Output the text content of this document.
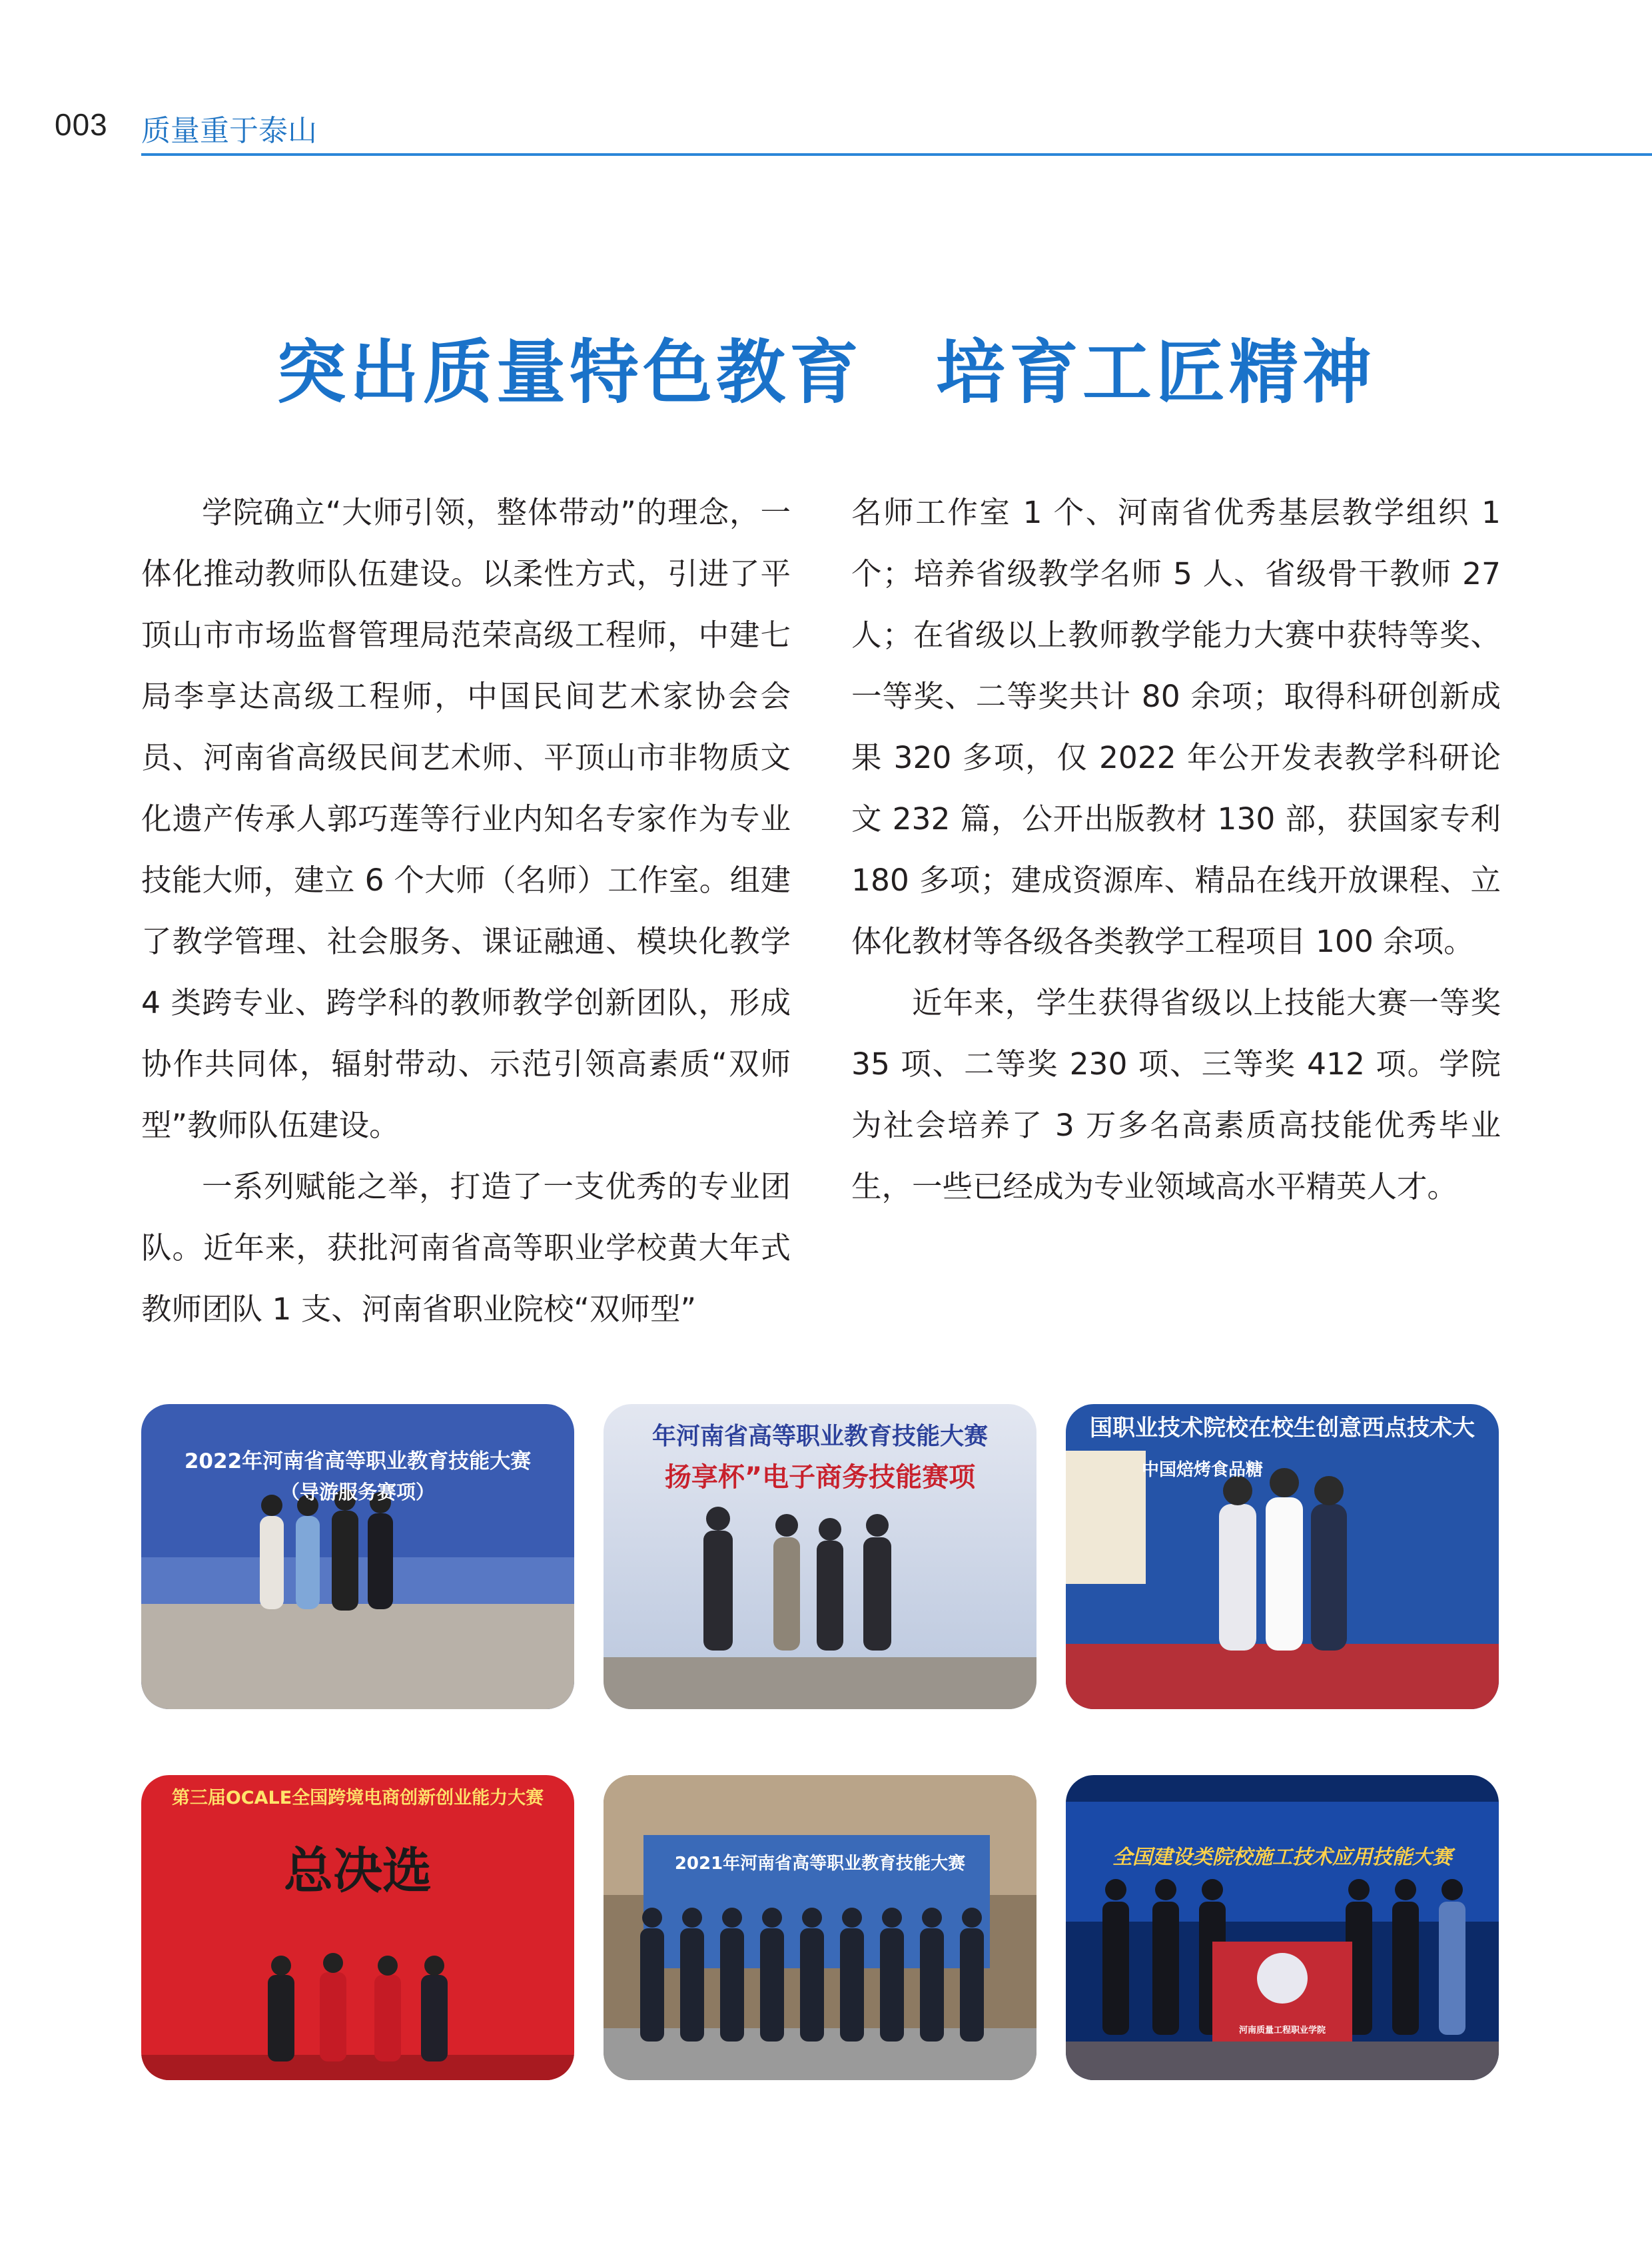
003 质量重于泰山
突出质量特色教育　培育工匠精神

学院确立“大师引领，整体带动”的理念，一体化推动教师队伍建设。以柔性方式，引进了平顶山市市场监督管理局范荣高级工程师，中建七局李享达高级工程师，中国民间艺术家协会会员、河南省高级民间艺术师、平顶山市非物质文化遗产传承人郭巧莲等行业内知名专家作为专业技能大师，建立 6 个大师（名师）工作室。组建了教学管理、社会服务、课证融通、模块化教学 4 类跨专业、跨学科的教师教学创新团队，形成协作共同体，辐射带动、示范引领高素质“双师型”教师队伍建设。

一系列赋能之举，打造了一支优秀的专业团队。近年来，获批河南省高等职业学校黄大年式教师团队 1 支、河南省职业院校“双师型”

名师工作室 1 个、河南省优秀基层教学组织 1 个；培养省级教学名师 5 人、省级骨干教师 27 人；在省级以上教师教学能力大赛中获特等奖、一等奖、二等奖共计 80 余项；取得科研创新成果 320 多项，仅 2022 年公开发表教学科研论文 232 篇，公开出版教材 130 部，获国家专利 180 多项；建成资源库、精品在线开放课程、立体化教材等各级各类教学工程项目 100 余项。

近年来，学生获得省级以上技能大赛一等奖 35 项、二等奖 230 项、三等奖 412 项。学院为社会培养了 3 万多名高素质高技能优秀毕业生，一些已经成为专业领域高水平精英人才。

2022年河南省高等职业教育技能大赛
（导游服务赛项）
年河南省高等职业教育技能大赛
扬享杯”电子商务技能赛项
国职业技术院校在校生创意西点技术大
中国焙烤食品糖
第三届OCALE全国跨境电商创新创业能力大赛
总决选	2021年河南省高等职业教育技能大赛	全国建设类院校施工技术应用技能大赛
河南质量工程职业学院
